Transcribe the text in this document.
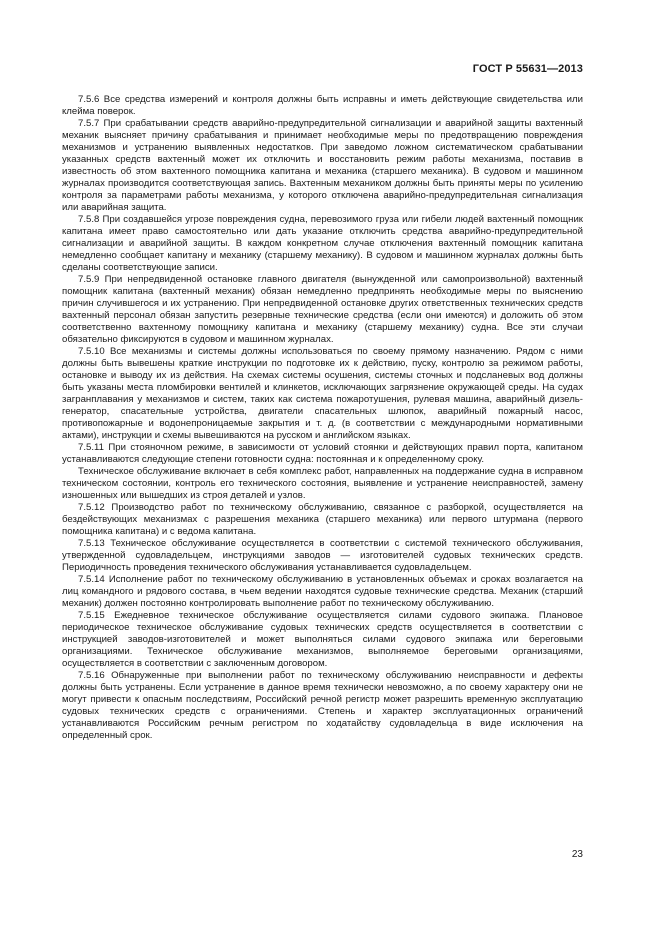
ГОСТ Р 55631—2013

7.5.6 Все средства измерений и контроля должны быть исправны и иметь действующие свидетельства или клейма поверок.

7.5.7 При срабатывании средств аварийно-предупредительной сигнализации и аварийной защиты вахтенный механик выясняет причину срабатывания и принимает необходимые меры по предотвращению повреждения механизмов и устранению выявленных недостатков. При заведомо ложном систематическом срабатывании указанных средств вахтенный может их отключить и восстановить режим работы механизма, поставив в известность об этом вахтенного помощника капитана и механика (старшего механика). В судовом и машинном журналах производится соответствующая запись. Вахтенным механиком должны быть приняты меры по усилению контроля за параметрами работы механизма, у которого отключена аварийно-предупредительная сигнализация или аварийная защита.

7.5.8 При создавшейся угрозе повреждения судна, перевозимого груза или гибели людей вахтенный помощник капитана имеет право самостоятельно или дать указание отключить средства аварийно-предупредительной сигнализации и аварийной защиты. В каждом конкретном случае отключения вахтенный помощник капитана немедленно сообщает капитану и механику (старшему механику). В судовом и машинном журналах должны быть сделаны соответствующие записи.

7.5.9 При непредвиденной остановке главного двигателя (вынужденной или самопроизвольной) вахтенный помощник капитана (вахтенный механик) обязан немедленно предпринять необходимые меры по выяснению причин случившегося и их устранению. При непредвиденной остановке других ответственных технических средств вахтенный персонал обязан запустить резервные технические средства (если они имеются) и доложить об этом соответственно вахтенному помощнику капитана и механику (старшему механику) судна. Все эти случаи обязательно фиксируются в судовом и машинном журналах.

7.5.10 Все механизмы и системы должны использоваться по своему прямому назначению. Рядом с ними должны быть вывешены краткие инструкции по подготовке их к действию, пуску, контролю за режимом работы, остановке и выводу их из действия. На схемах системы осушения, системы сточных и подсланевых вод должны быть указаны места пломбировки вентилей и клинкетов, исключающих загрязнение окружающей среды. На судах загранплавания у механизмов и систем, таких как система пожаротушения, рулевая машина, аварийный дизель-генератор, спасательные устройства, двигатели спасательных шлюпок, аварийный пожарный насос, противопожарные и водонепроницаемые закрытия и т. д. (в соответствии с международными нормативными актами), инструкции и схемы вывешиваются на русском и английском языках.

7.5.11 При стояночном режиме, в зависимости от условий стоянки и действующих правил порта, капитаном устанавливаются следующие степени готовности судна: постоянная и к определенному сроку.

Техническое обслуживание включает в себя комплекс работ, направленных на поддержание судна в исправном техническом состоянии, контроль его технического состояния, выявление и устранение неисправностей, замену изношенных или вышедших из строя деталей и узлов.

7.5.12 Производство работ по техническому обслуживанию, связанное с разборкой, осуществляется на бездействующих механизмах с разрешения механика (старшего механика) или первого штурмана (первого помощника капитана) и с ведома капитана.

7.5.13 Техническое обслуживание осуществляется в соответствии с системой технического обслуживания, утвержденной судовладельцем, инструкциями заводов — изготовителей судовых технических средств. Периодичность проведения технического обслуживания устанавливается судовладельцем.

7.5.14 Исполнение работ по техническому обслуживанию в установленных объемах и сроках возлагается на лиц командного и рядового состава, в чьем ведении находятся судовые технические средства. Механик (старший механик) должен постоянно контролировать выполнение работ по техническому обслуживанию.

7.5.15 Ежедневное техническое обслуживание осуществляется силами судового экипажа. Плановое периодическое техническое обслуживание судовых технических средств осуществляется в соответствии с инструкцией заводов-изготовителей и может выполняться силами судового экипажа или береговыми организациями. Техническое обслуживание механизмов, выполняемое береговыми организациями, осуществляется в соответствии с заключенным договором.

7.5.16 Обнаруженные при выполнении работ по техническому обслуживанию неисправности и дефекты должны быть устранены. Если устранение в данное время технически невозможно, а по своему характеру они не могут привести к опасным последствиям, Российский речной регистр может разрешить временную эксплуатацию судовых технических средств с ограничениями. Степень и характер эксплуатационных ограничений устанавливаются Российским речным регистром по ходатайству судовладельца в виде исключения на определенный срок.

23
